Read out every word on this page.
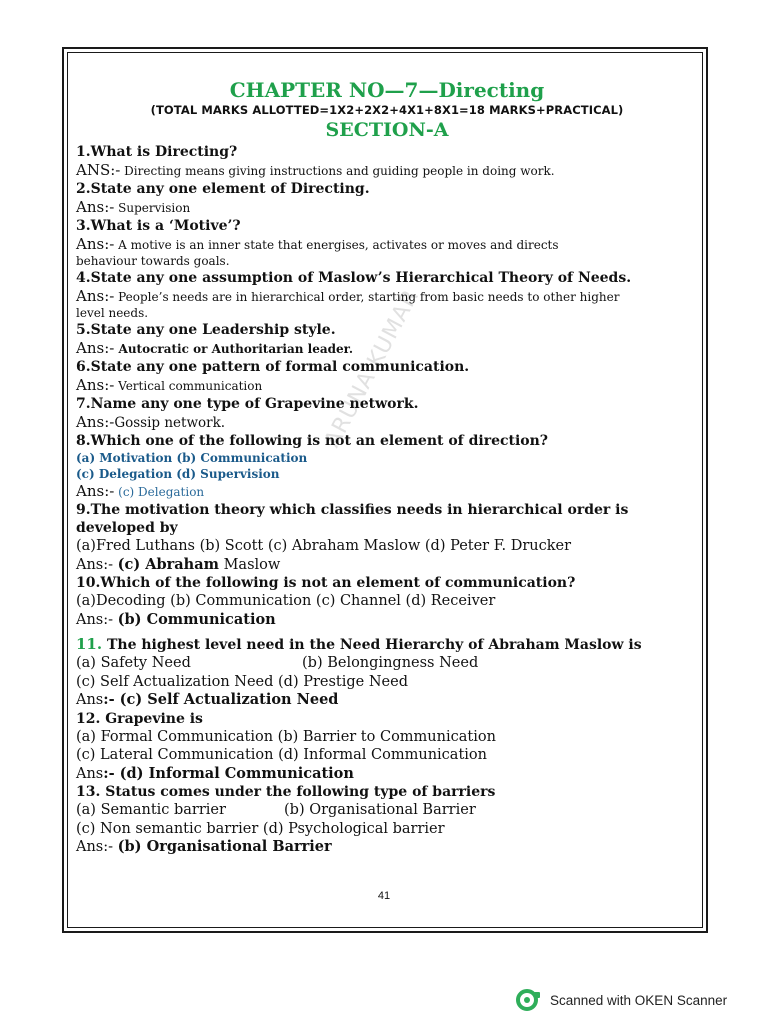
ARUNA KUMAR
CHAPTER NO—7—Directing
(TOTAL MARKS ALLOTTED=1X2+2X2+4X1+8X1=18 MARKS+PRACTICAL)
SECTION-A
1.What is Directing?
ANS:- Directing means giving instructions and guiding people in doing work.
2.State any one element of Directing.
Ans:- Supervision
3.What is a ‘Motive’?
Ans:- A motive is an inner state that energises, activates or moves and directs
behaviour towards goals.
4.State any one assumption of Maslow’s Hierarchical Theory of Needs.
Ans:- People’s needs are in hierarchical order, starting from basic needs to other higher
level needs.
5.State any one Leadership style.
Ans:- Autocratic or Authoritarian leader.
6.State any one pattern of formal communication.
Ans:- Vertical communication
7.Name any one type of Grapevine network.
Ans:-Gossip network.
8.Which one of the following is not an element of direction?
(a) Motivation (b) Communication
(c) Delegation (d) Supervision
Ans:- (c) Delegation
9.The motivation theory which classifies needs in hierarchical order is
developed by
(a)Fred Luthans (b) Scott (c) Abraham Maslow (d) Peter F. Drucker
Ans:- (c) Abraham Maslow
10.Which of the following is not an element of communication?
(a)Decoding (b) Communication (c) Channel (d) Receiver
Ans:- (b) Communication
11. The highest level need in the Need Hierarchy of Abraham Maslow is
(a) Safety Need	(b) Belongingness Need
(c) Self Actualization Need (d) Prestige Need
Ans:- (c) Self Actualization Need
12. Grapevine is
(a) Formal Communication (b) Barrier to Communication
(c) Lateral Communication (d) Informal Communication
Ans:- (d) Informal Communication
13. Status comes under the following type of barriers
(a) Semantic barrier	(b) Organisational Barrier
(c) Non semantic barrier (d) Psychological barrier
Ans:- (b) Organisational Barrier
41
Scanned with OKEN Scanner
